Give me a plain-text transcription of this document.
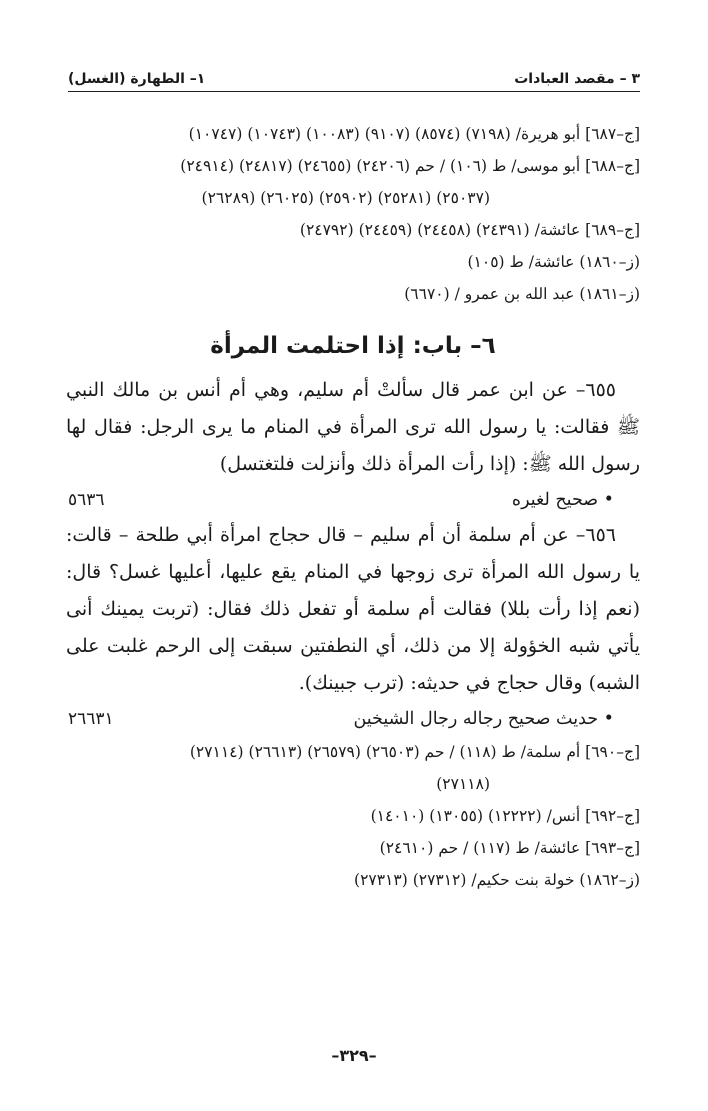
٣ – مقصد العبادات
١– الطهارة (الغسل)
[ج–٦٨٧] أبو هريرة/ (٧١٩٨) (٨٥٧٤) (٩١٠٧) (١٠٠٨٣) (١٠٧٤٣) (١٠٧٤٧)
[ج–٦٨٨] أبو موسى/ ط (١٠٦) / حم (٢٤٢٠٦) (٢٤٦٥٥) (٢٤٨١٧) (٢٤٩١٤)
(٢٥٠٣٧) (٢٥٢٨١) (٢٥٩٠٢) (٢٦٠٢٥) (٢٦٢٨٩)
[ج–٦٨٩] عائشة/ (٢٤٣٩١) (٢٤٤٥٨) (٢٤٤٥٩) (٢٤٧٩٢)
(ز–١٨٦٠) عائشة/ ط (١٠٥)
(ز–١٨٦١) عبد الله بن عمرو / (٦٦٧٠)
٦– باب: إذا احتلمت المرأة
٦٥٥– عن ابن عمر قال سألتْ أم سليم، وهي أم أنس بن مالك النبي ﷺ فقالت: يا رسول الله ترى المرأة في المنام ما يرى الرجل: فقال لها رسول الله ﷺ: (إذا رأت المرأة ذلك وأنزلت فلتغتسل)
• صحيح لغيره
٥٦٣٦
٦٥٦– عن أم سلمة أن أم سليم – قال حجاج امرأة أبي طلحة – قالت: يا رسول الله المرأة ترى زوجها في المنام يقع عليها، أعليها غسل؟ قال: (نعم إذا رأت بللا) فقالت أم سلمة أو تفعل ذلك فقال: (تربت يمينك أنى يأتي شبه الخؤولة إلا من ذلك، أي النطفتين سبقت إلى الرحم غلبت على الشبه) وقال حجاج في حديثه: (ترب جبينك).
• حديث صحيح رجاله رجال الشيخين
٢٦٦٣١
[ج–٦٩٠] أم سلمة/ ط (١١٨) / حم (٢٦٥٠٣) (٢٦٥٧٩) (٢٦٦١٣) (٢٧١١٤)
(٢٧١١٨)
[ج–٦٩٢] أنس/ (١٢٢٢٢) (١٣٠٥٥) (١٤٠١٠)
[ج–٦٩٣] عائشة/ ط (١١٧) / حم (٢٤٦١٠)
(ز–١٨٦٢) خولة بنت حكيم/ (٢٧٣١٢) (٢٧٣١٣)
–٣٢٩–
